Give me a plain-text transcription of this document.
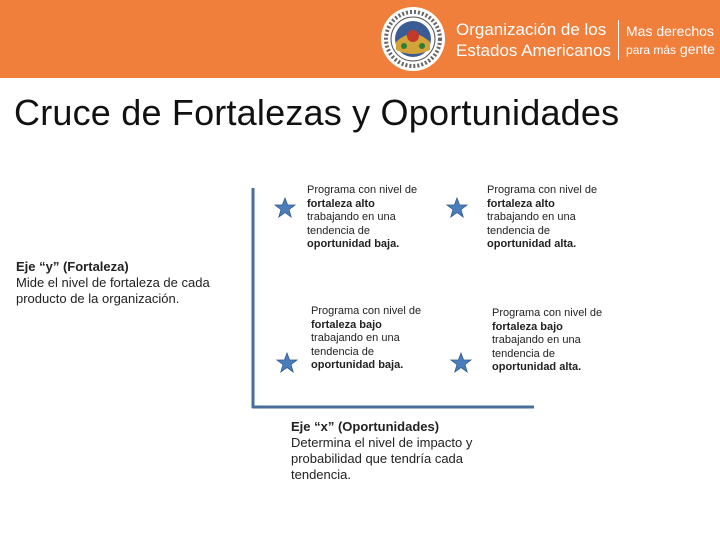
Organización de los
Estados Americanos
Mas derechos
para más gente
Cruce de Fortalezas y Oportunidades
Programa con nivel de fortaleza alto trabajando en una tendencia de oportunidad baja.
Programa con nivel de fortaleza alto trabajando en una tendencia de oportunidad alta.
Programa con nivel de fortaleza bajo trabajando en una tendencia de oportunidad baja.
Programa con nivel de fortaleza bajo trabajando en una tendencia de oportunidad alta.
Eje “y” (Fortaleza)
Mide el nivel de fortaleza de cada producto de la organización.
Eje “x” (Oportunidades)
Determina el nivel de impacto y probabilidad que tendría cada tendencia.
